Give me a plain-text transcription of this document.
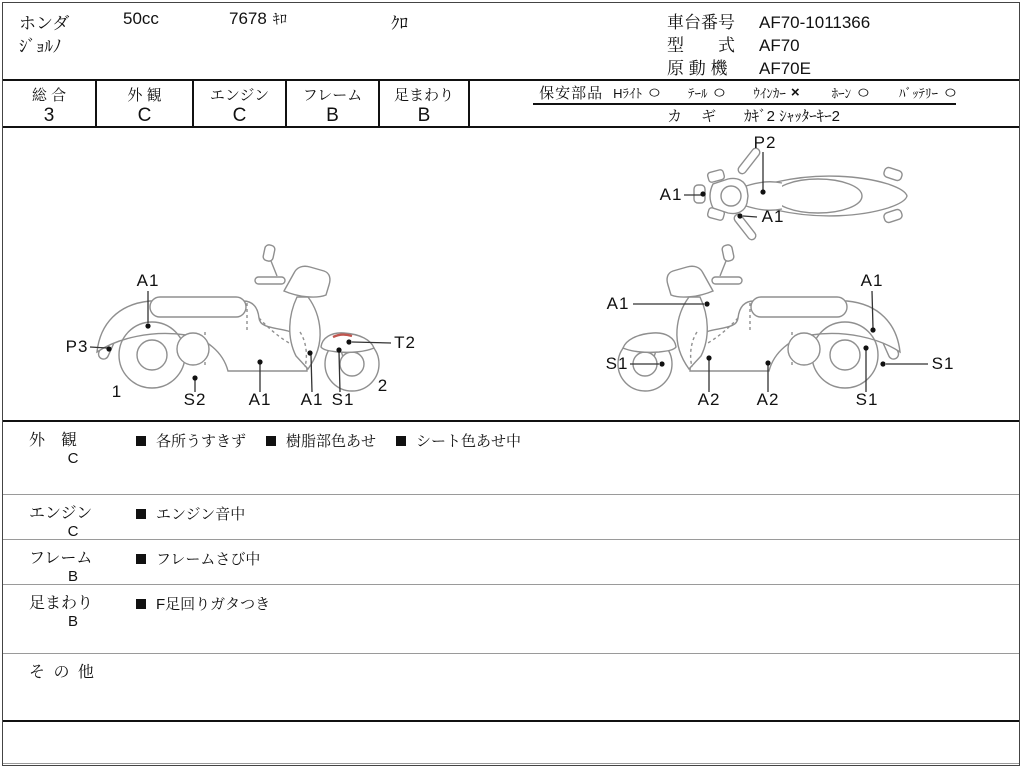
ホンダ	50cc	7678 ｷﾛ	ｸﾛ
ｼﾞｮﾙﾉ
車台番号 AF70-1011366
型　　式 AF70
原 動 機 AF70E
総 合
3
外 観
C
エンジン
C
フレーム
B
足まわり
B
保安部品 Hﾗｲﾄ ○ ﾃｰﾙ ○ ｳｲﾝｶｰ × ﾎｰﾝ ○ ﾊﾞｯﾃﾘｰ ○
カ　ギ ｶｷﾞ2 ｼｬｯﾀｰｷｰ2
P2
A1
A1
A1
P3
1	S2 A1 A1 S1
T2
2
A1
S1
A2 A2	S1
S1
A1
外　観
C
各所うすきず	樹脂部色あせ	シート色あせ中
エンジン
C
エンジン音中
フレーム
B
フレームさび中
足まわり
B
F足回りガタつき
そ の 他
